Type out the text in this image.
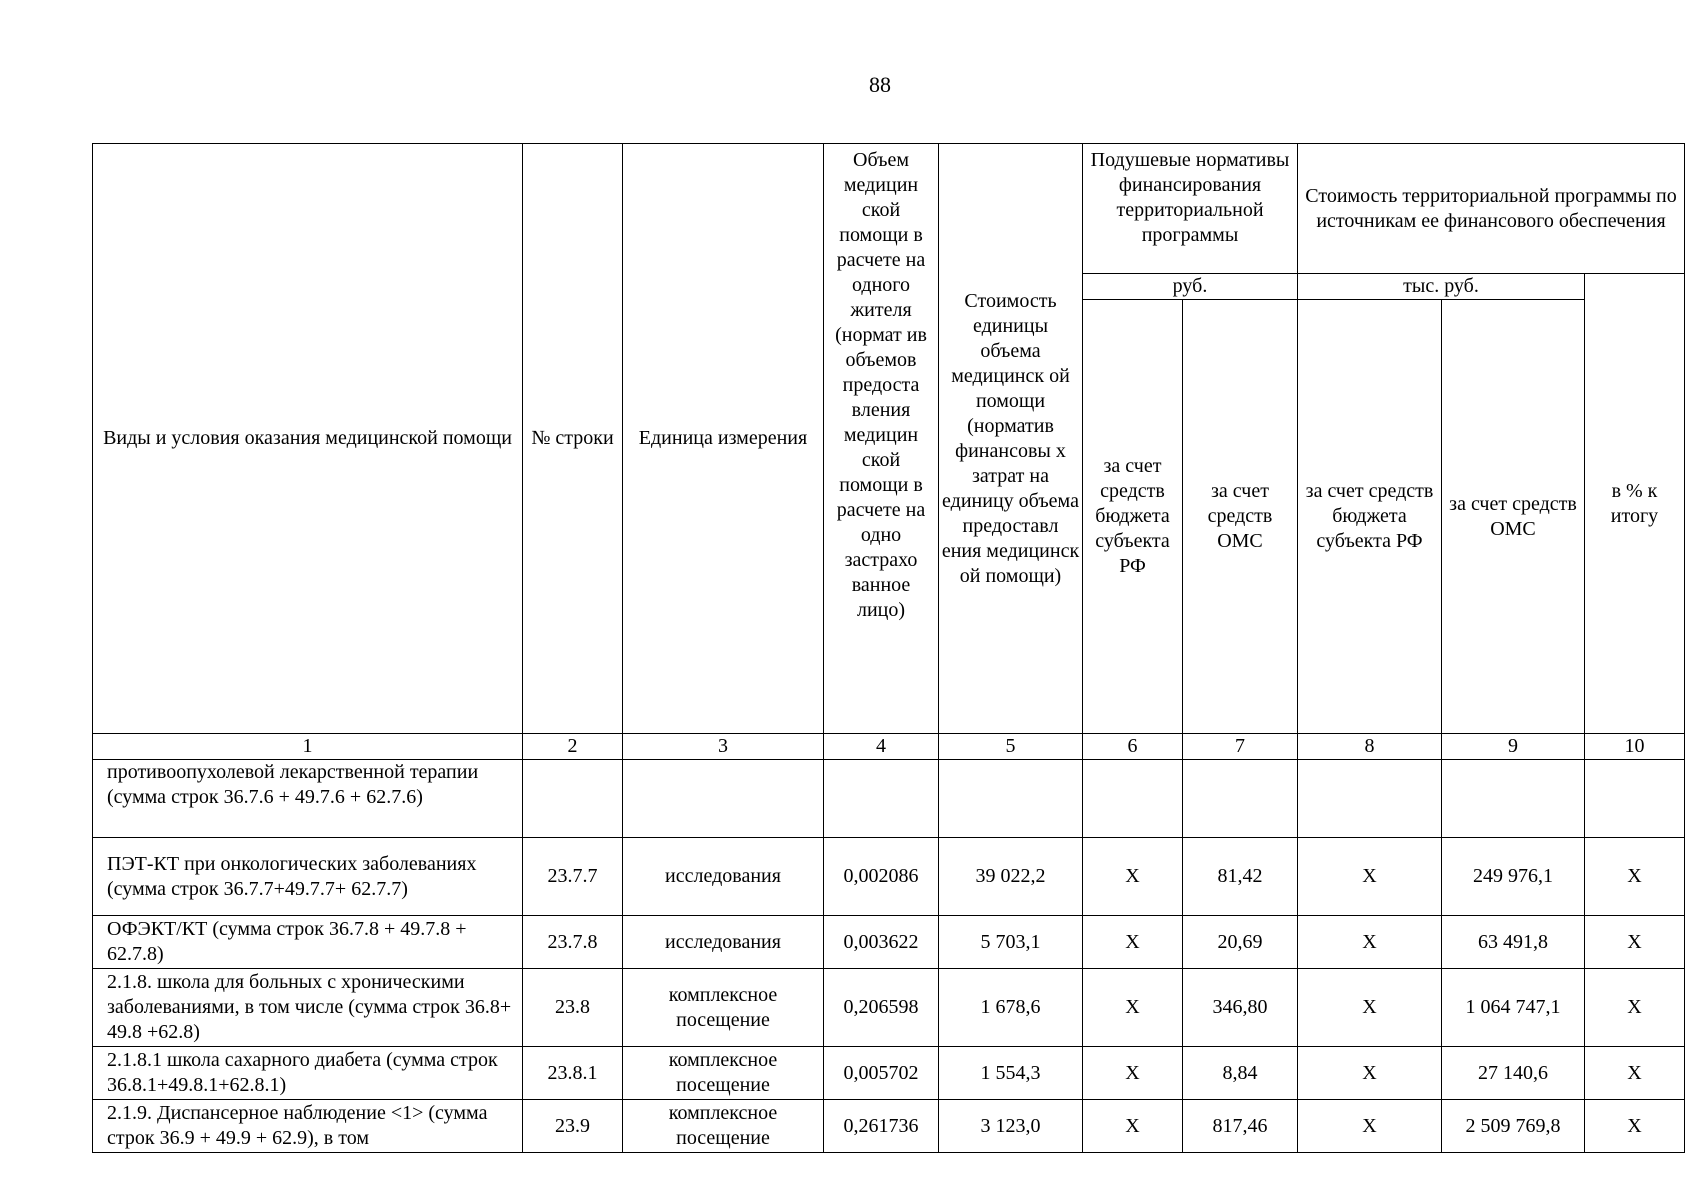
88
Виды и условия оказания медицинской помощи	№ строки	Единица измерения	Объем медицин ской помощи в расчете на одного жителя (нормат ив объемов предоста вления медицин ской помощи в расчете на одно застрахо ванное лицо)	Стоимость единицы объема медицинск ой помощи (норматив финансовы х затрат на единицу объема предоставл ения медицинск ой помощи)	Подушевые нормативы финансирования территориальной программы		Стоимость территориальной программы по источникам ее финансового обеспечения		
					руб.		тыс. руб.		в % к итогу
					за счет средств бюджета субъекта РФ	за счет средств ОМС	за счет средств бюджета субъекта РФ	за счет средств ОМС	
1	2	3	4	5	6	7	8	9	10
противоопухолевой лекарственной терапии (сумма строк 36.7.6 + 49.7.6 + 62.7.6)									
ПЭТ-КТ при онкологических заболеваниях (сумма строк 36.7.7+49.7.7+ 62.7.7)	23.7.7	исследования	0,002086	39 022,2	X	81,42	X	249 976,1	X
ОФЭКТ/КТ (сумма строк 36.7.8 + 49.7.8 + 62.7.8)	23.7.8	исследования	0,003622	5 703,1	X	20,69	X	63 491,8	X
2.1.8. школа для больных с хроническими заболеваниями, в том числе (сумма строк 36.8+ 49.8 +62.8)	23.8	комплексное посещение	0,206598	1 678,6	X	346,80	X	1 064 747,1	X
2.1.8.1 школа сахарного диабета (сумма строк 36.8.1+49.8.1+62.8.1)	23.8.1	комплексное посещение	0,005702	1 554,3	X	8,84	X	27 140,6	X
2.1.9. Диспансерное наблюдение <1> (сумма строк 36.9 + 49.9 + 62.9), в том	23.9	комплексное посещение	0,261736	3 123,0	X	817,46	X	2 509 769,8	X
